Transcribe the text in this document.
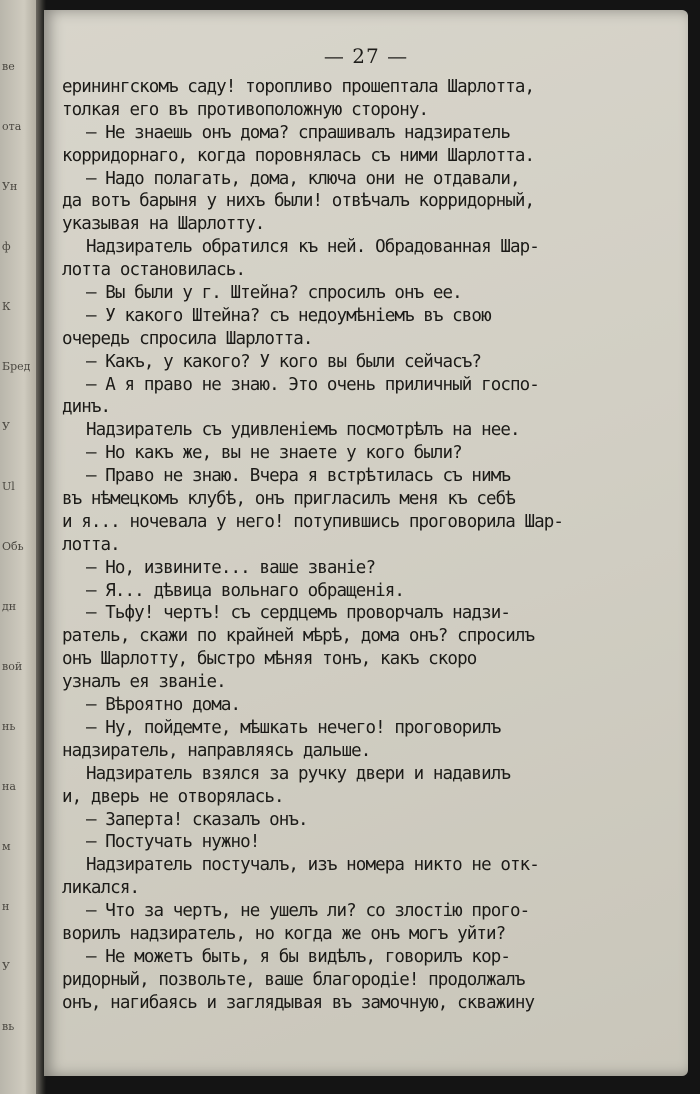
ве
ота
Ун
ф
К
Бред
У
Ul
Обь
дн
вой
нь
на
м
н
У
вь
— 27 —
еринингскомъ саду! торопливо прошептала Шарлотта,
толкая его въ противоположную сторону.
— Не знаешь онъ дома? спрашивалъ надзиратель
корридорнаго, когда поровнялась съ ними Шарлотта.
— Надо полагать, дома, ключа они не отдавали,
да вотъ барыня у нихъ были! отвѣчалъ корридорный,
указывая на Шарлотту.
Надзиратель обратился къ ней. Обрадованная Шар-
лотта остановилась.
— Вы были у г. Штейна? спросилъ онъ ее.
— У какого Штейна? съ недоумѣнiемъ въ свою
очередь спросила Шарлотта.
— Какъ, у какого? У кого вы были сейчасъ?
— А я право не знаю. Это очень приличный госпо-
динъ.
Надзиратель съ удивленiемъ посмотрѣлъ на нее.
— Но какъ же, вы не знаете у кого были?
— Право не знаю. Вчера я встрѣтилась съ нимъ
въ нѣмецкомъ клубѣ, онъ пригласилъ меня къ себѣ
и я... ночевала у него! потупившись проговорила Шар-
лотта.
— Но, извините... ваше званiе?
— Я... дѣвица вольнаго обращенiя.
— Тьфу! чертъ! съ сердцемъ проворчалъ надзи-
ратель, скажи по крайней мѣрѣ, дома онъ? спросилъ
онъ Шарлотту, быстро мѣняя тонъ, какъ скоро
узналъ ея званiе.
— Вѣроятно дома.
— Ну, пойдемте, мѣшкать нечего! проговорилъ
надзиратель, направляясь дальше.
Надзиратель взялся за ручку двери и надавилъ
и, дверь не отворялась.
— Заперта! сказалъ онъ.
— Постучать нужно!
Надзиратель постучалъ, изъ номера никто не отк-
ликался.
— Что за чертъ, не ушелъ ли? со злостiю прого-
ворилъ надзиратель, но когда же онъ могъ уйти?
— Не можетъ быть, я бы видѣлъ, говорилъ кор-
ридорный, позвольте, ваше благородiе! продолжалъ
онъ, нагибаясь и заглядывая въ замочную, скважину
